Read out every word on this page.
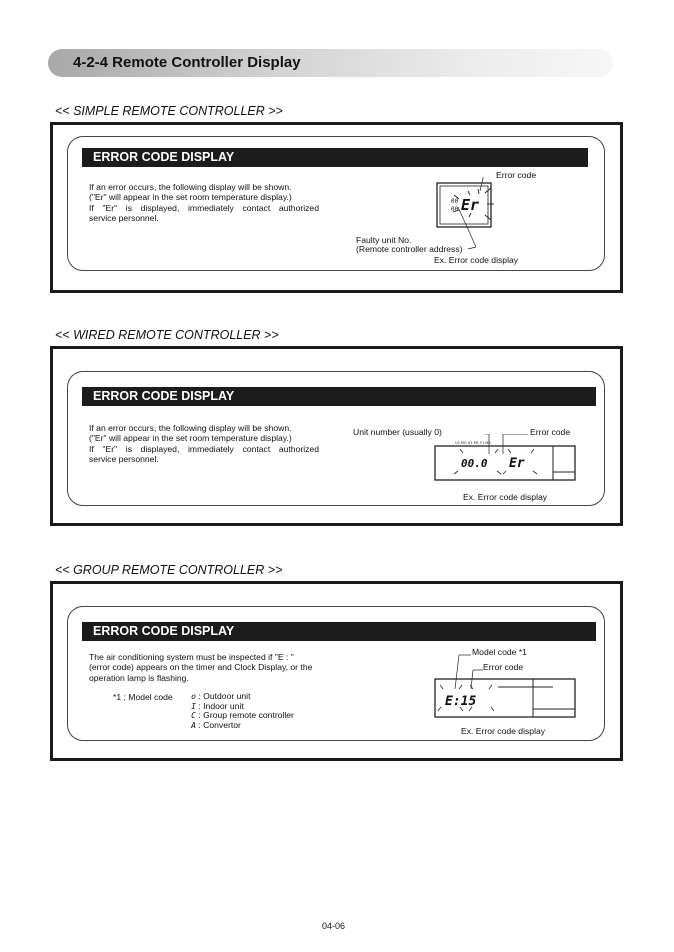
4-2-4 Remote Controller Display
<< SIMPLE REMOTE CONTROLLER >>
ERROR CODE DISPLAY
If an error occurs, the following display will be shown.
("Er" will appear in the set room temperature display.)
If "Er" is displayed, immediately contact authorized
service personnel.
Error code
Faulty unit No.
(Remote controller address)
Ex. Error code display
Er
00
00
<< WIRED REMOTE CONTROLLER >>
ERROR CODE DISPLAY
If an error occurs, the following display will be shown.
("Er" will appear in the set room temperature display.)
If "Er" is displayed, immediately contact authorized
service personnel.
Unit number (usually 0)	Error code
Ex. Error code display
U2 MO U1 M1 F1 M3
00.0 Er
<< GROUP REMOTE CONTROLLER >>
ERROR CODE DISPLAY
The air conditioning system must be inspected if "E : "
(error code) appears on the timer and Clock Display, or the
operation lamp is flashing.
*1 ; Model code	o : Outdoor unit
I : Indoor unit
C : Group remote controller
A : Convertor
Model code *1
Error code
Ex. Error code display
E:15
04-06
